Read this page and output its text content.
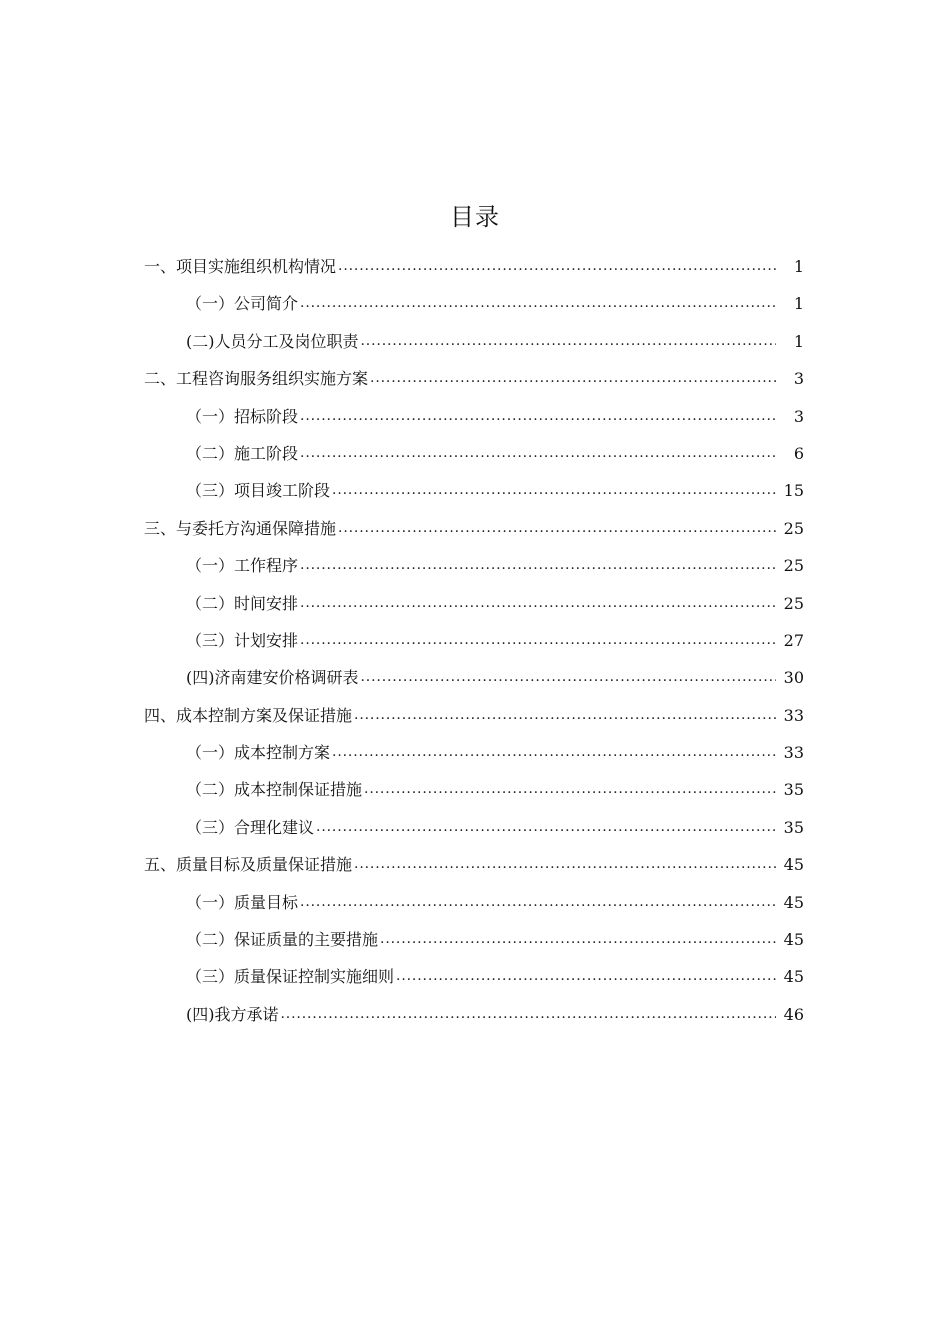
目录
一、项目实施组织机构情况 . . .	1
（一）公司简介 . . .	1
(二)人员分工及岗位职责 . . .	1
二、工程咨询服务组织实施方案 . . .	3
（一）招标阶段 . . .	3
（二）施工阶段 . . .	6
（三）项目竣工阶段 . . .	15
三、与委托方沟通保障措施 . . .	25
（一）工作程序 . . .	25
（二）时间安排 . . .	25
（三）计划安排 . . .	27
(四)济南建安价格调研表 . . .	30
四、成本控制方案及保证措施 . . .	33
（一）成本控制方案 . . .	33
（二）成本控制保证措施 . . .	35
（三）合理化建议 . . .	35
五、质量目标及质量保证措施 . . .	45
（一）质量目标 . . .	45
（二）保证质量的主要措施 . . .	45
（三）质量保证控制实施细则 . . .	45
(四)我方承诺 . . .	46
